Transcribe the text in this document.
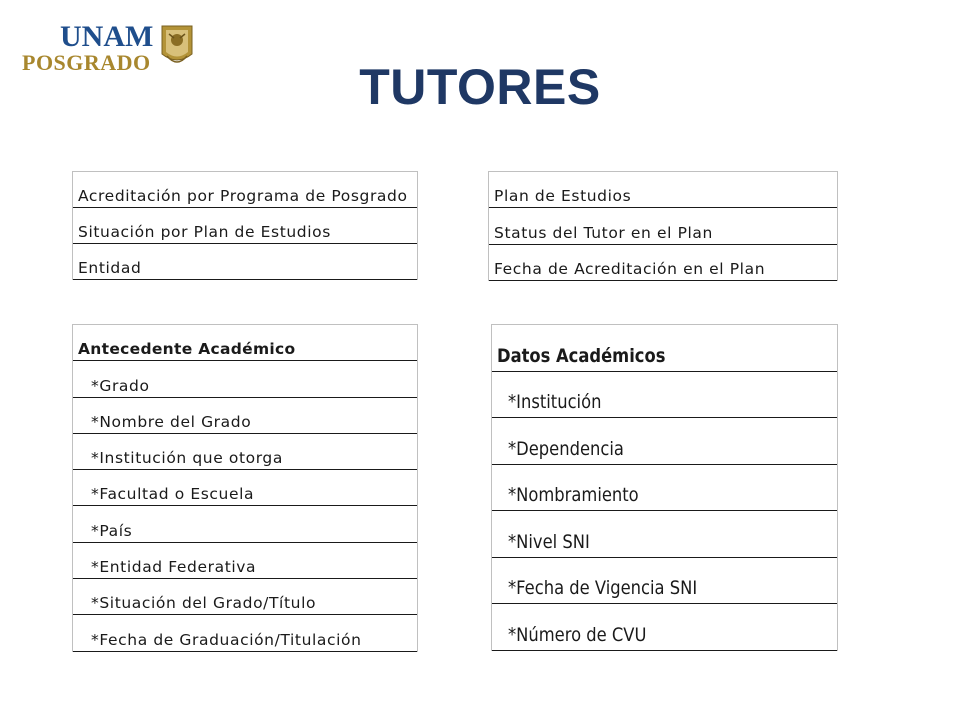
UNAM
POSGRADO	TUTORES
Acreditación por Programa de Posgrado
Situación por Plan de Estudios
Entidad
Plan de Estudios
Status del Tutor en el Plan
Fecha de Acreditación en el Plan
Antecedente Académico
*Grado
*Nombre del Grado
*Institución que otorga
*Facultad o Escuela
*País
*Entidad Federativa
*Situación del Grado/Título
*Fecha de Graduación/Titulación
Datos Académicos
*Institución
*Dependencia
*Nombramiento
*Nivel SNI
*Fecha de Vigencia SNI
*Número de CVU
